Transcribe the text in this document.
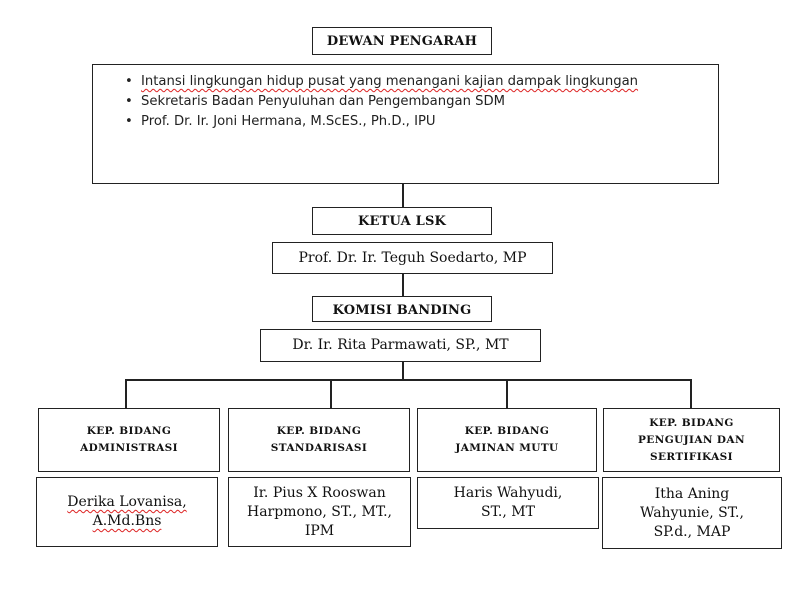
DEWAN PENGARAH
• Intansi lingkungan hidup pusat yang menangani kajian dampak lingkungan
• Sekretaris Badan Penyuluhan dan Pengembangan SDM
• Prof. Dr. Ir. Joni Hermana, M.ScES., Ph.D., IPU
KETUA LSK
Prof. Dr. Ir. Teguh Soedarto, MP
KOMISI BANDING
Dr. Ir. Rita Parmawati, SP., MT
KEP. BIDANG ADMINISTRASI
KEP. BIDANG STANDARISASI
KEP. BIDANG JAMINAN MUTU
KEP. BIDANG PENGUJIAN DAN SERTIFIKASI
Derika Lovanisa, A.Md.Bns
Ir. Pius X Rooswan Harpmono, ST., MT., IPM
Haris Wahyudi, ST., MT
Itha Aning Wahyunie, ST., SP.d., MAP
